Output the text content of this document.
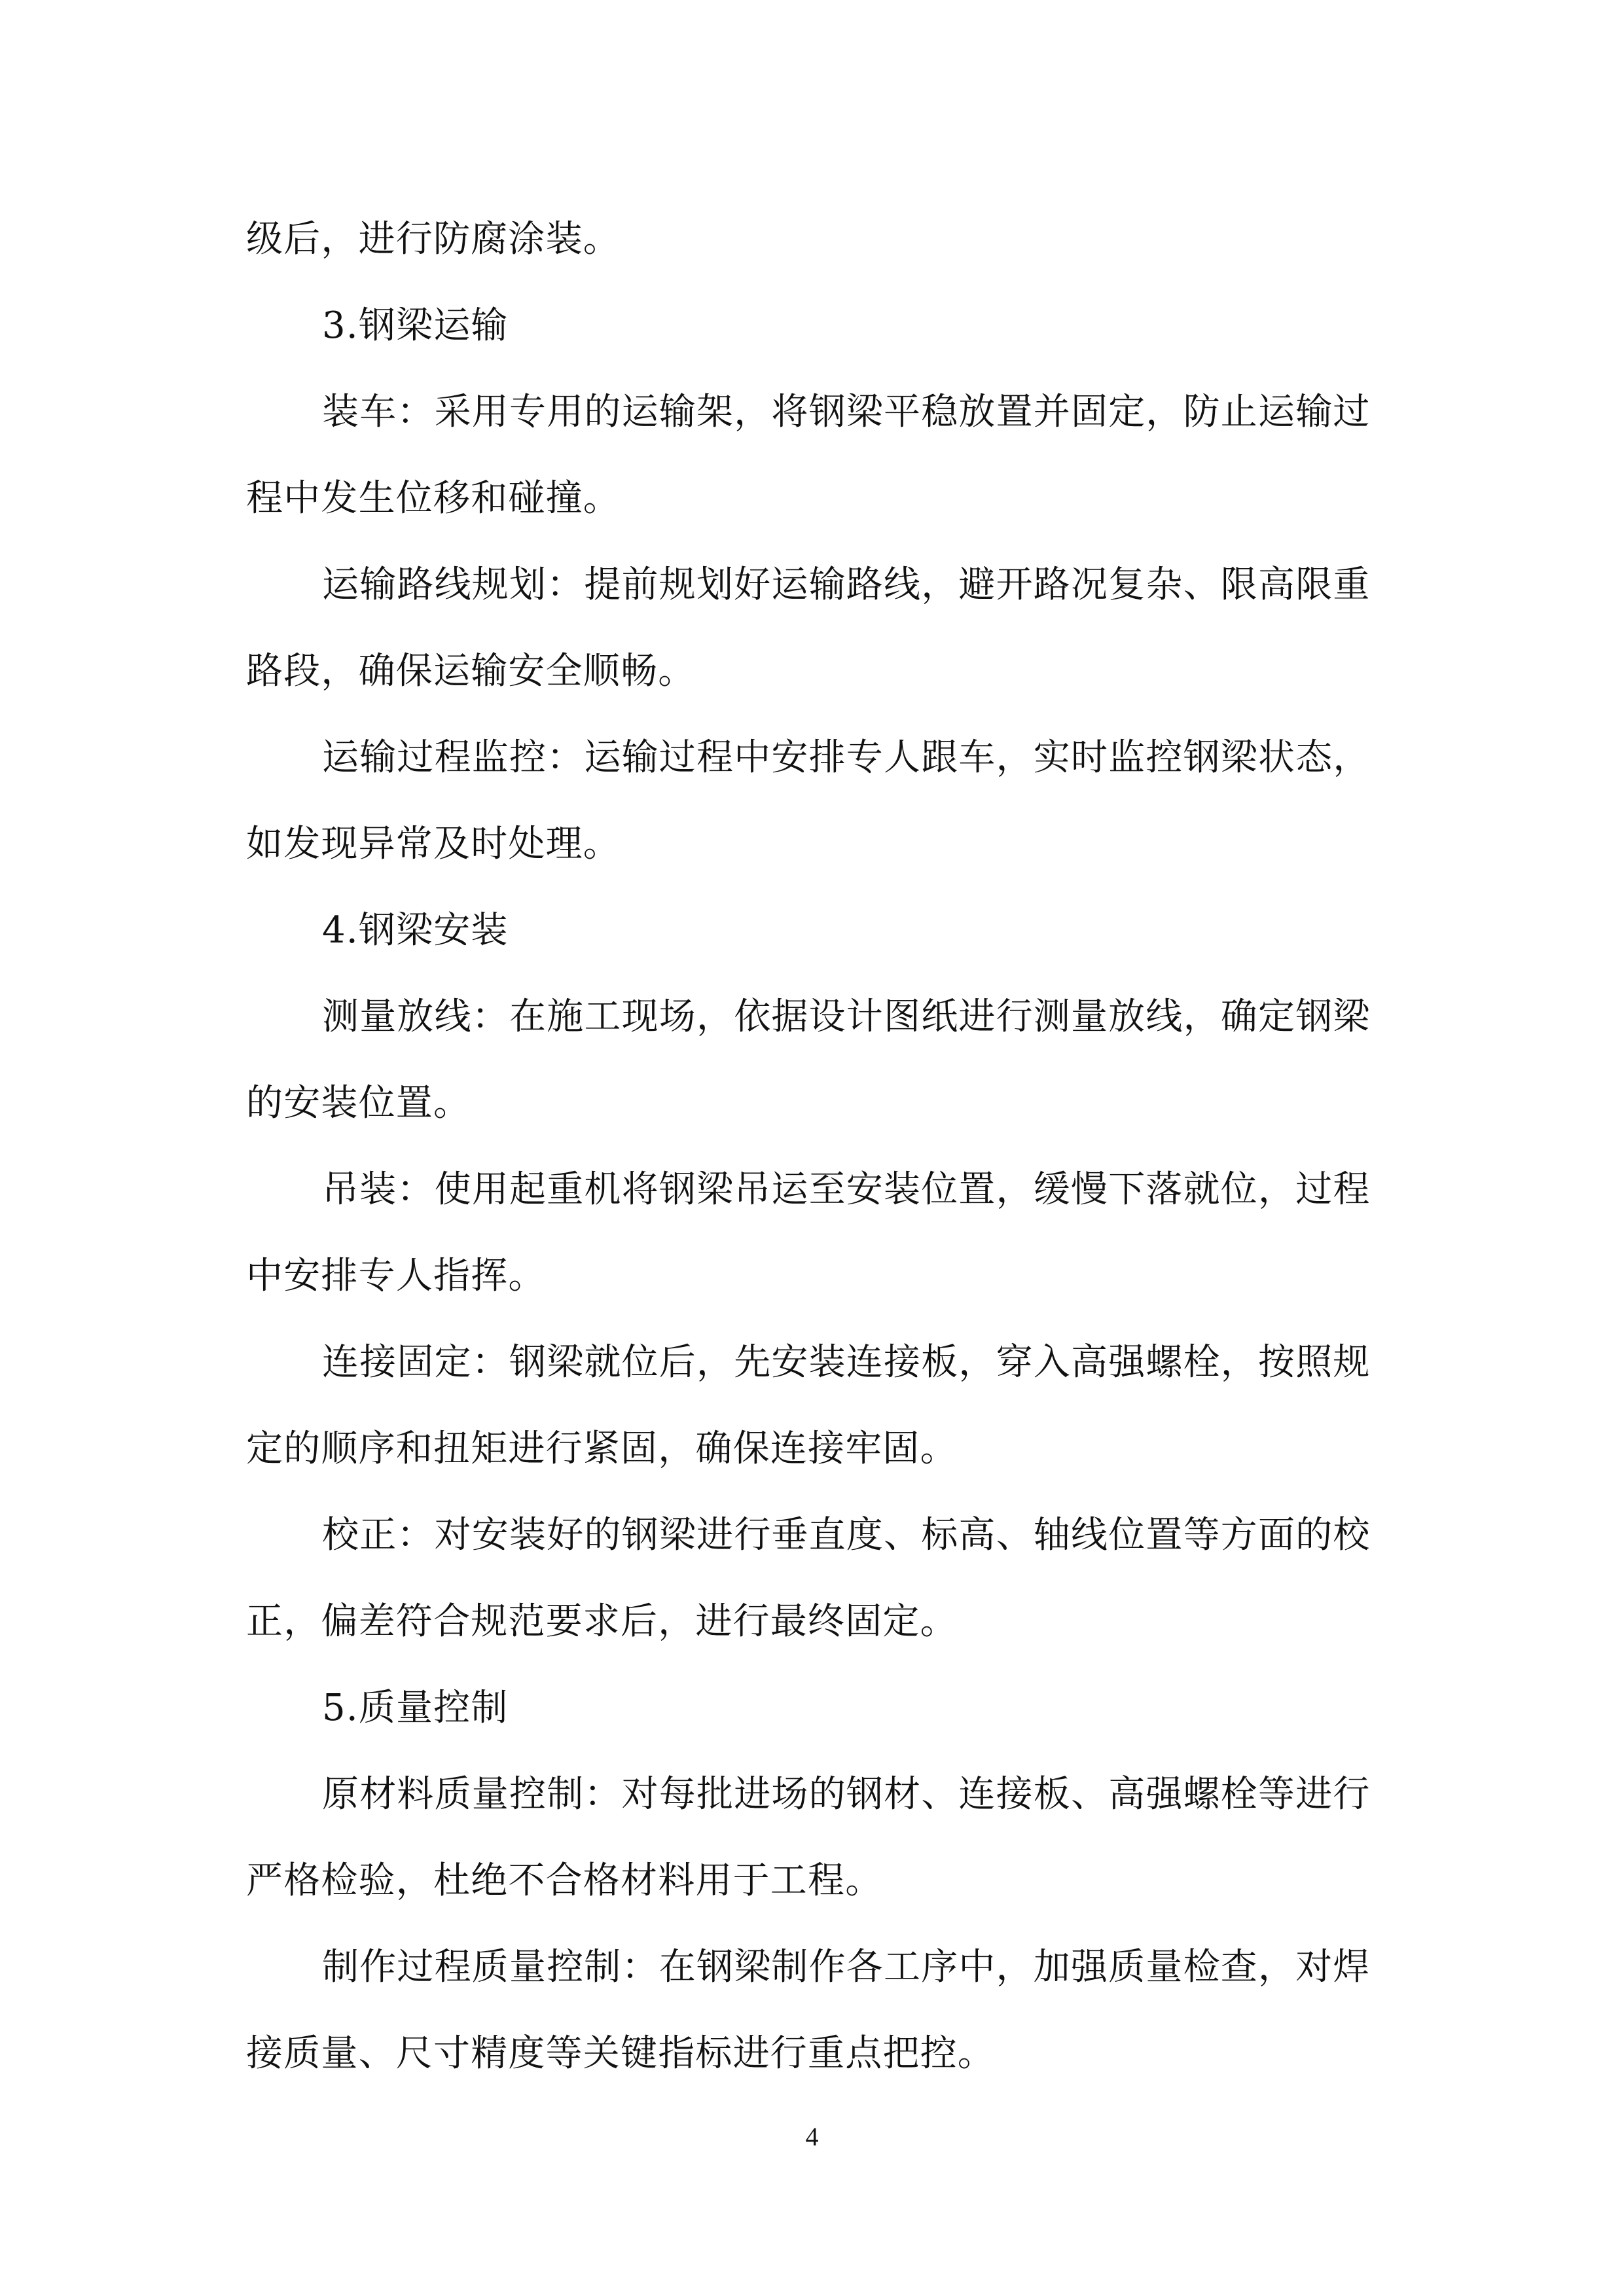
级后，进行防腐涂装。
3.钢梁运输
装车：采用专用的运输架，将钢梁平稳放置并固定，防止运输过
程中发生位移和碰撞。
运输路线规划：提前规划好运输路线，避开路况复杂、限高限重
路段，确保运输安全顺畅。
运输过程监控：运输过程中安排专人跟车，实时监控钢梁状态，
如发现异常及时处理。
4.钢梁安装
测量放线：在施工现场，依据设计图纸进行测量放线，确定钢梁
的安装位置。
吊装：使用起重机将钢梁吊运至安装位置，缓慢下落就位，过程
中安排专人指挥。
连接固定：钢梁就位后，先安装连接板，穿入高强螺栓，按照规
定的顺序和扭矩进行紧固，确保连接牢固。
校正：对安装好的钢梁进行垂直度、标高、轴线位置等方面的校
正，偏差符合规范要求后，进行最终固定。
5.质量控制
原材料质量控制：对每批进场的钢材、连接板、高强螺栓等进行
严格检验，杜绝不合格材料用于工程。
制作过程质量控制：在钢梁制作各工序中，加强质量检查，对焊
接质量、尺寸精度等关键指标进行重点把控。
4
